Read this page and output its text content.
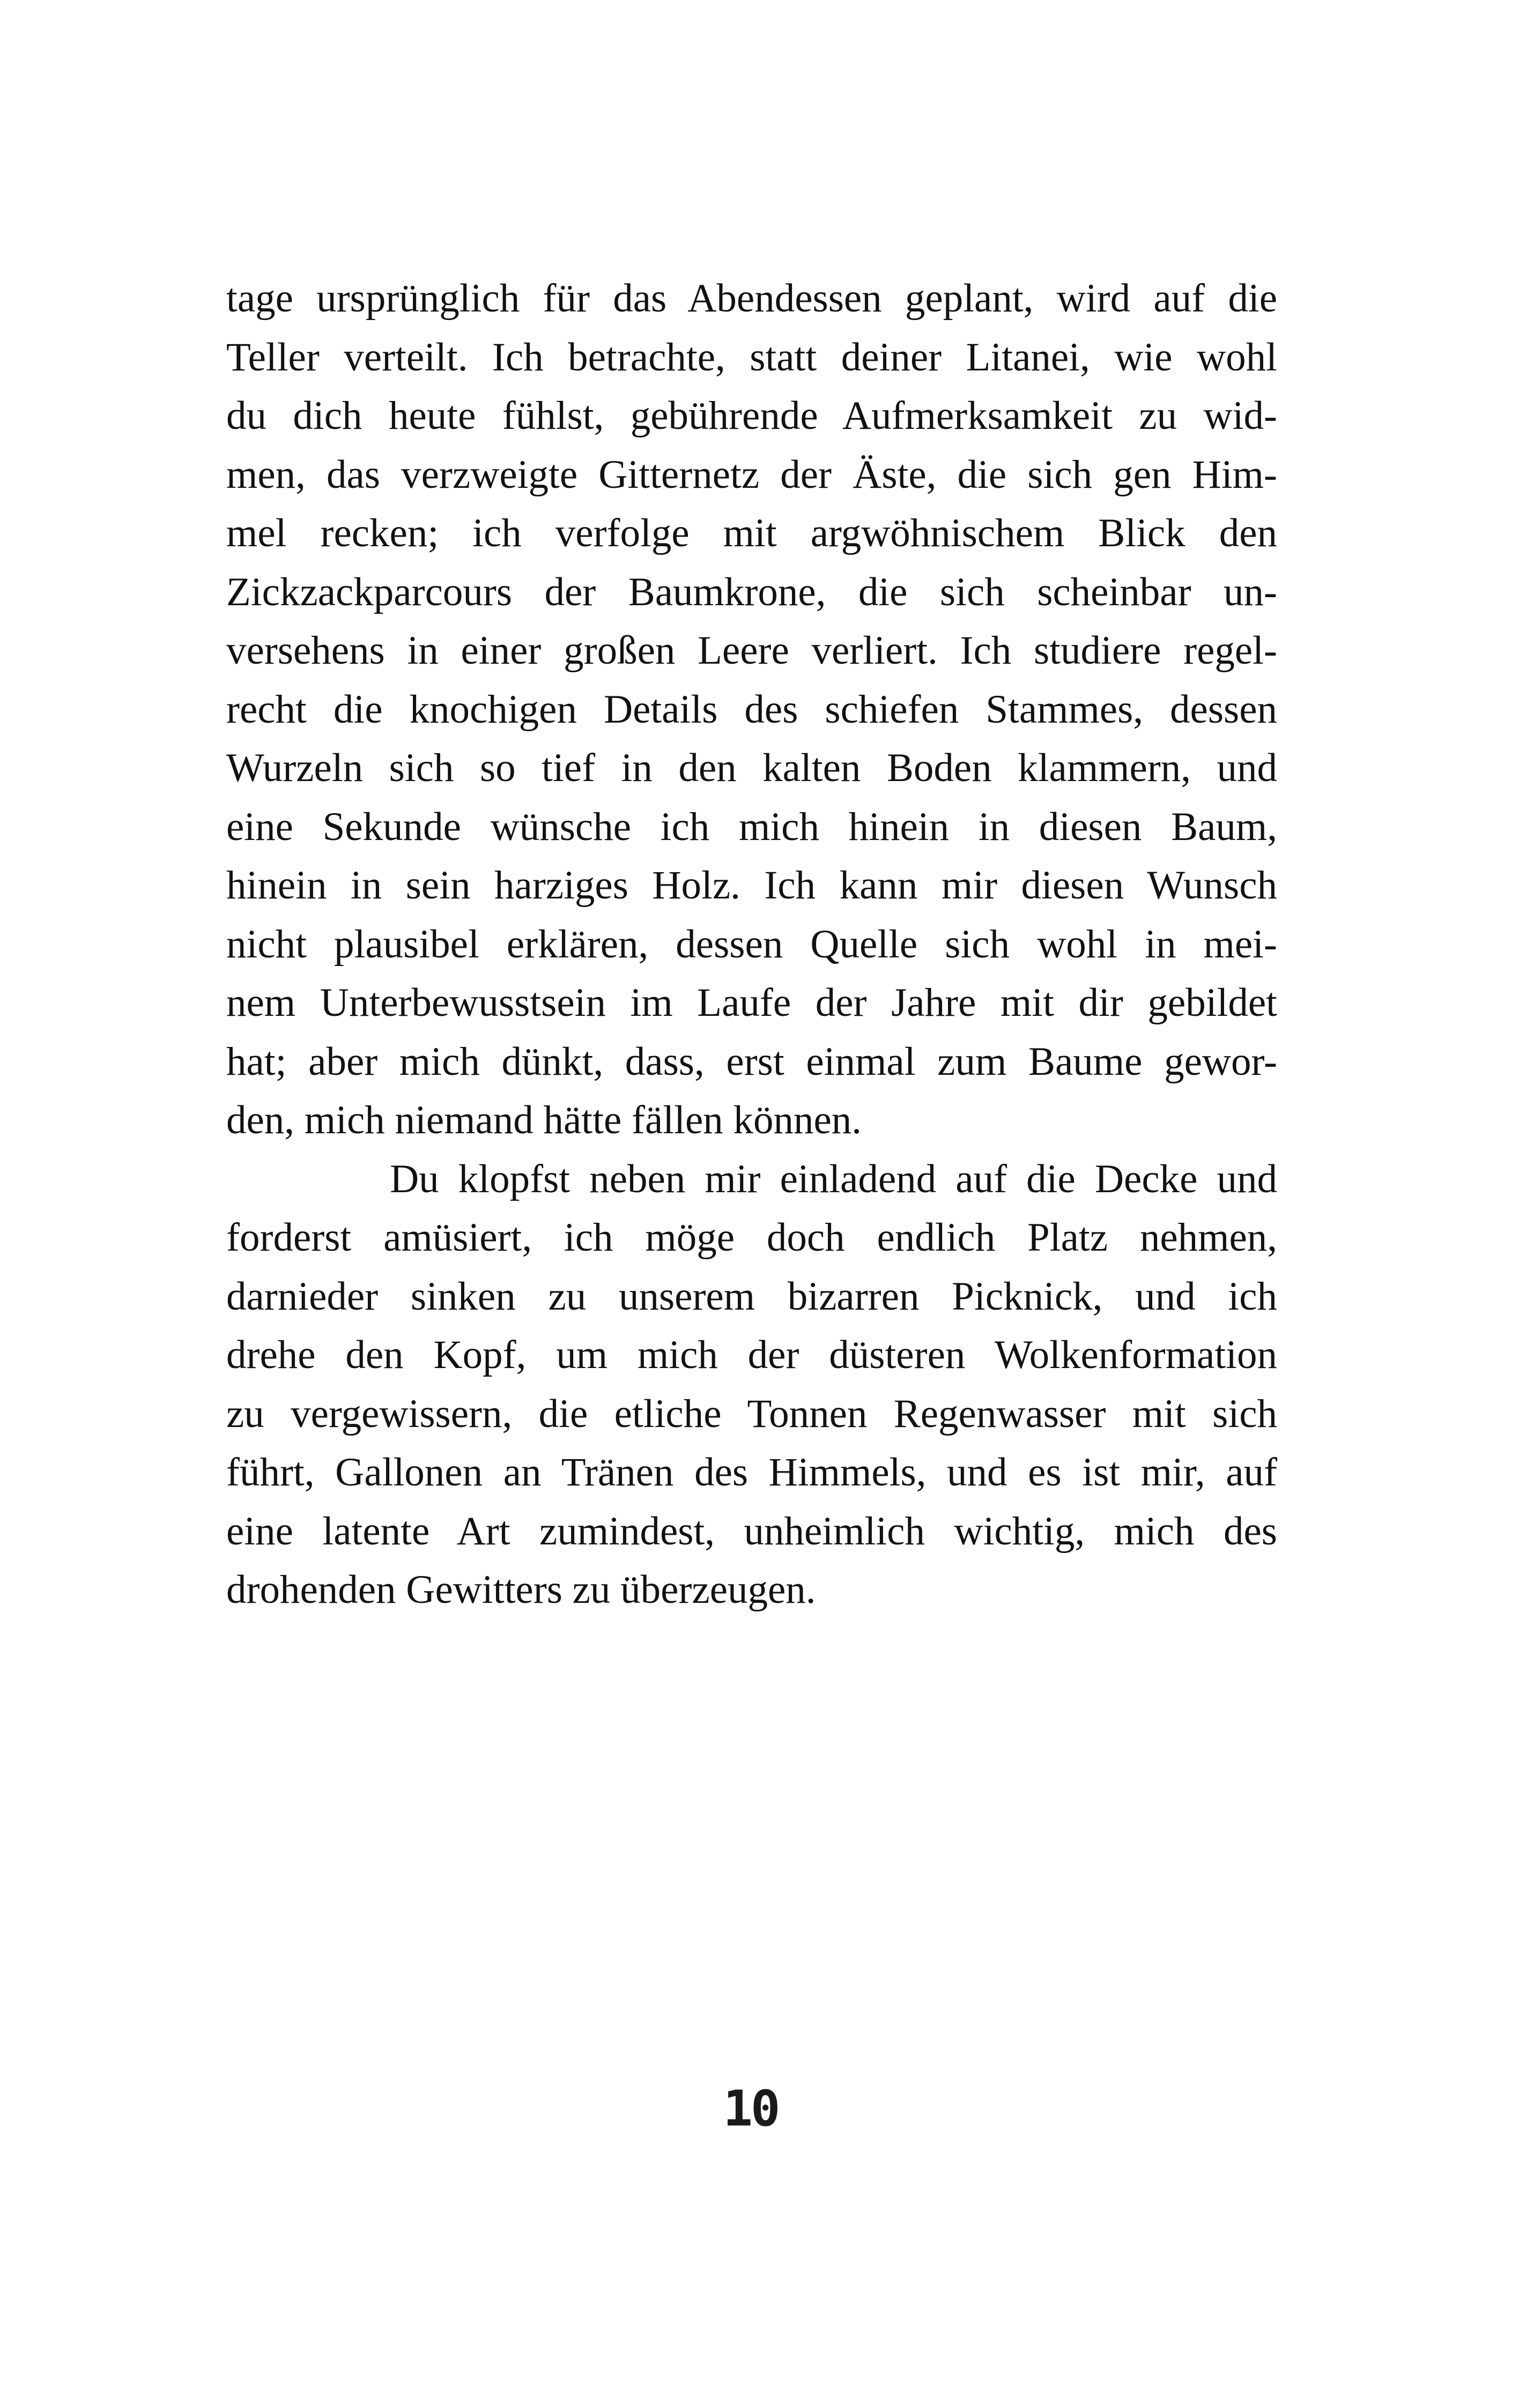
tage ursprünglich für das Abendessen geplant, wird auf die
Teller verteilt. Ich betrachte, statt deiner Litanei, wie wohl
du dich heute fühlst, gebührende Aufmerksamkeit zu wid-
men, das verzweigte Gitternetz der Äste, die sich gen Him-
mel recken; ich verfolge mit argwöhnischem Blick den
Zickzackparcours der Baumkrone, die sich scheinbar un-
versehens in einer großen Leere verliert. Ich studiere regel-
recht die knochigen Details des schiefen Stammes, dessen
Wurzeln sich so tief in den kalten Boden klammern, und
eine Sekunde wünsche ich mich hinein in diesen Baum,
hinein in sein harziges Holz. Ich kann mir diesen Wunsch
nicht plausibel erklären, dessen Quelle sich wohl in mei-
nem Unterbewusstsein im Laufe der Jahre mit dir gebildet
hat; aber mich dünkt, dass, erst einmal zum Baume gewor-
den, mich niemand hätte fällen können.
Du klopfst neben mir einladend auf die Decke und
forderst amüsiert, ich möge doch endlich Platz nehmen,
darnieder sinken zu unserem bizarren Picknick, und ich
drehe den Kopf, um mich der düsteren Wolkenformation
zu vergewissern, die etliche Tonnen Regenwasser mit sich
führt, Gallonen an Tränen des Himmels, und es ist mir, auf
eine latente Art zumindest, unheimlich wichtig, mich des
drohenden Gewitters zu überzeugen.
10
